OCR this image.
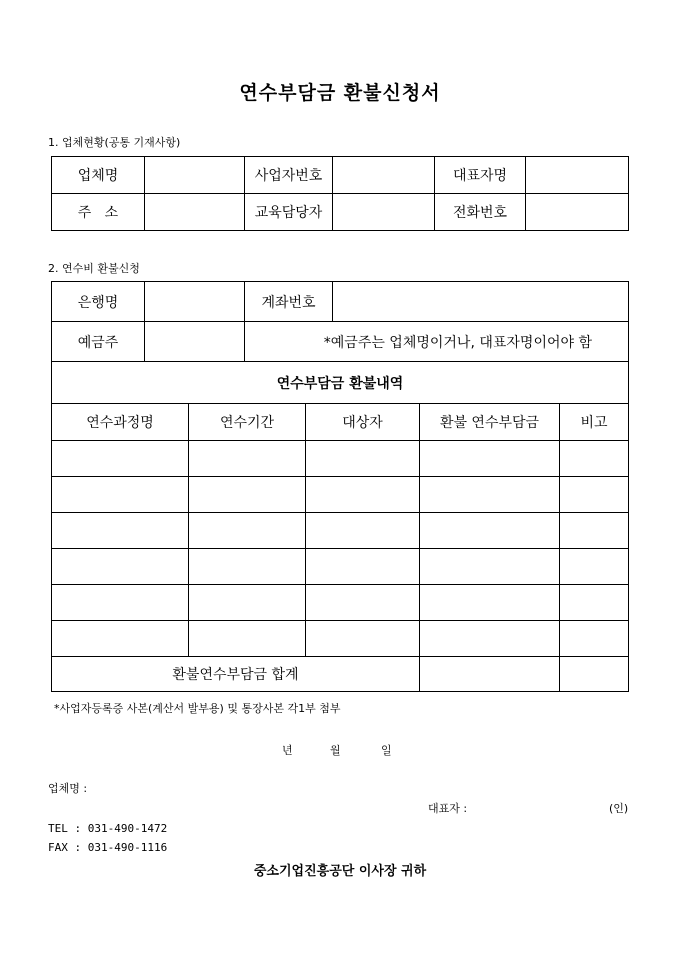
연수부담금 환불신청서
1. 업체현황(공통 기재사항)
업체명		사업자번호		대표자명	
주   소		교육담당자		전화번호	
2. 연수비 환불신청
은행명		계좌번호	
예금주		*예금주는 업체명이거나, 대표자명이어야 함	
연수부담금 환불내역			
연수과정명	연수기간	대상자	환불 연수부담금	비고

환불연수부담금 합계				
*사업자등록증 사본(계산서 발부용) 및 통장사본 각1부 첨부
년	월	일
업체명 :
대표자 :	(인)
TEL : 031-490-1472
FAX : 031-490-1116
중소기업진흥공단 이사장 귀하
